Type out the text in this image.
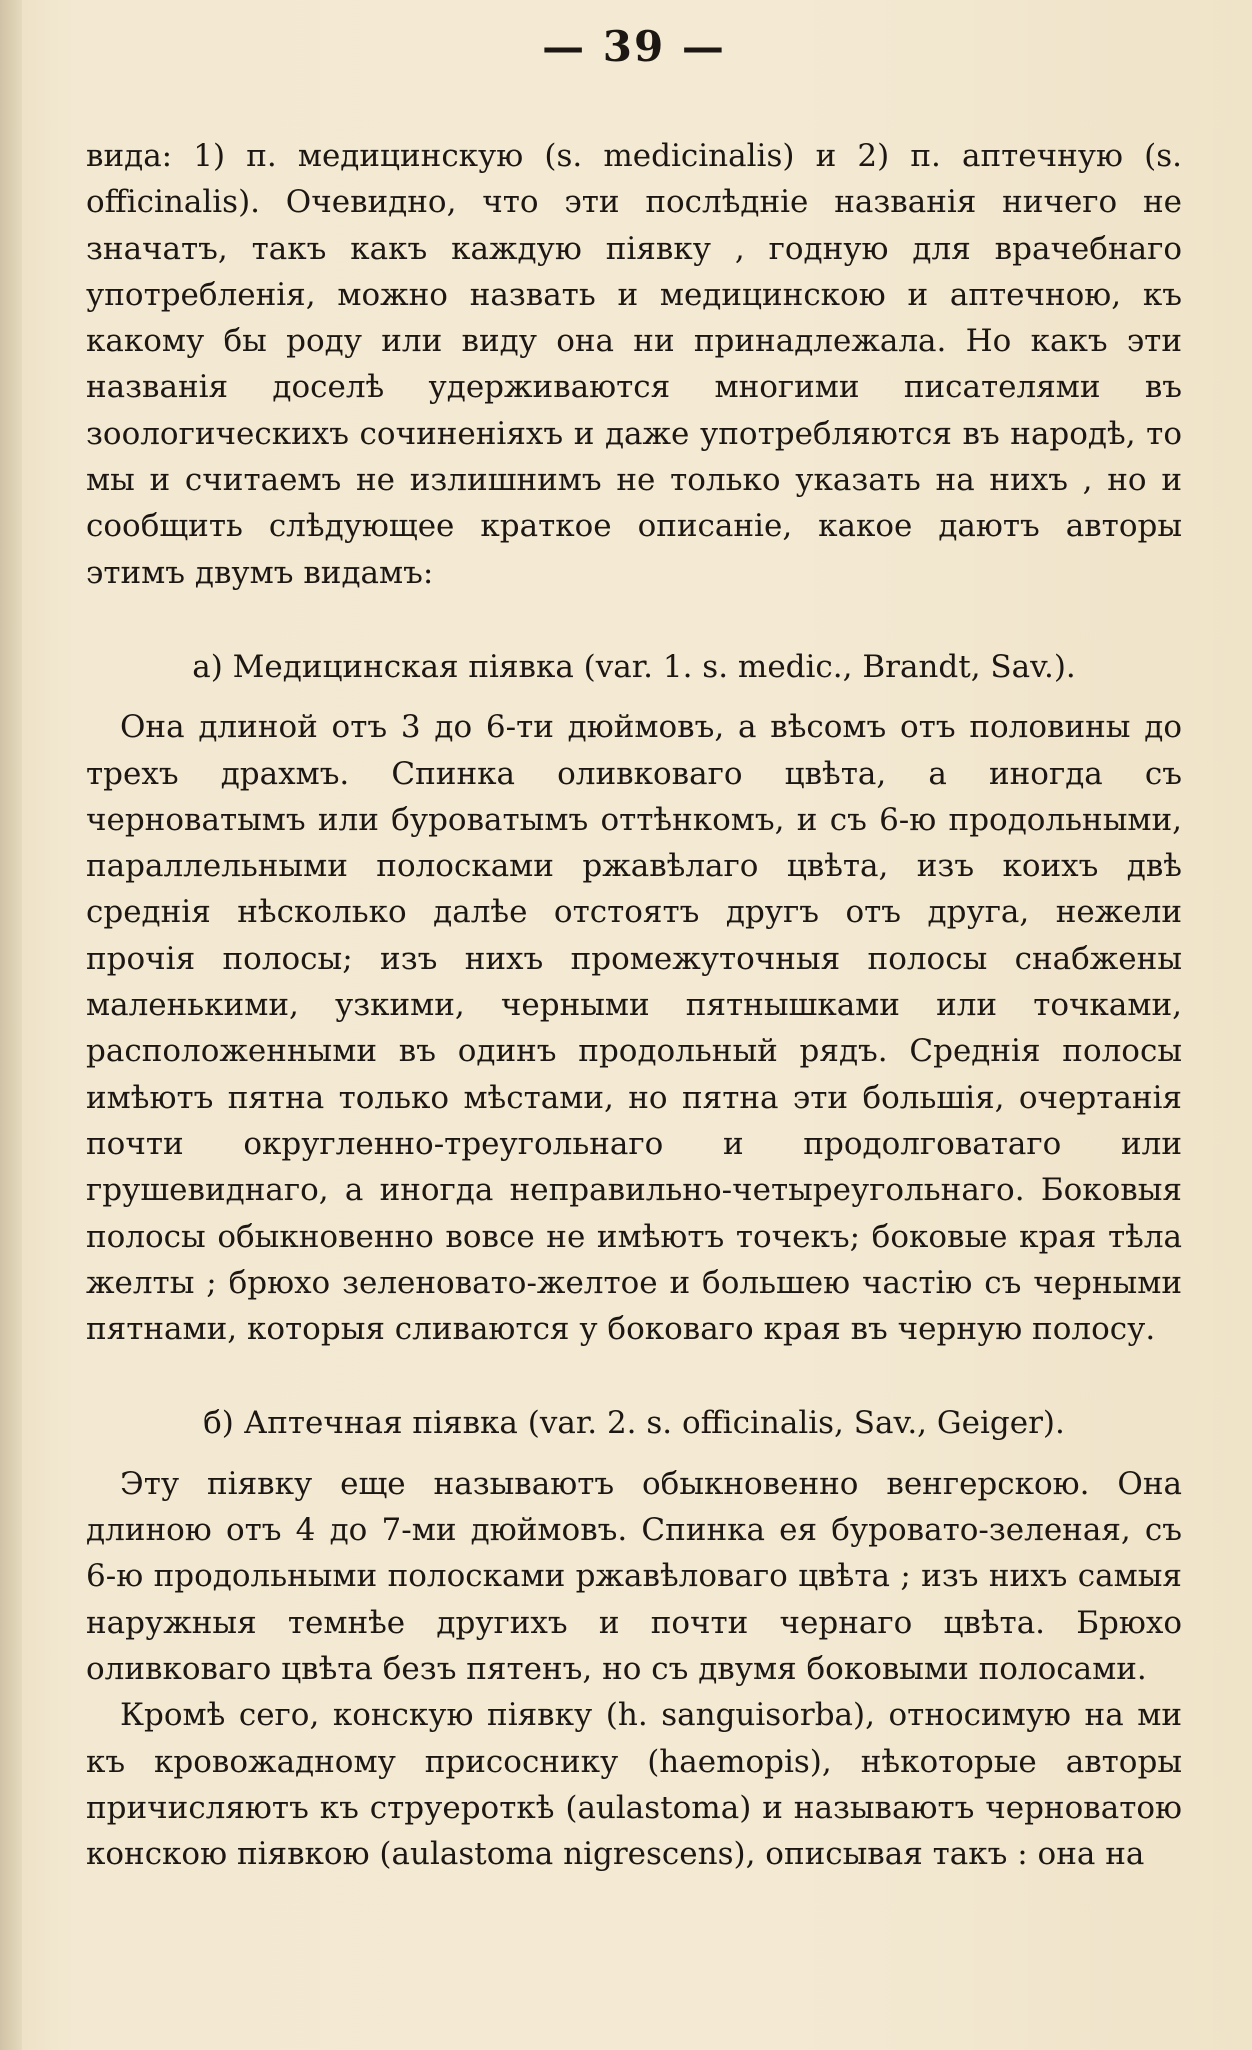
— 39 —

вида: 1) п. медицинскую (s. medicinalis) и 2) п. аптечную (s. officinalis). Очевидно, что эти послѣдніе названія ничего не значатъ, такъ какъ каждую піявку , годную для врачебнаго употребленія, можно назвать и медицинскою и аптечною, къ какому бы роду или виду она ни принадлежала. Но какъ эти названія доселѣ удерживаются многими писателями въ зоологическихъ сочиненіяхъ и даже употребляются въ народѣ, то мы и считаемъ не излишнимъ не только указать на нихъ , но и сообщить слѣдующее краткое описаніе, какое даютъ авторы этимъ двумъ видамъ:

а) Медицинская піявка (var. 1. s. medic., Brandt, Sav.).

Она длиной отъ 3 до 6-ти дюймовъ, а вѣсомъ отъ половины до трехъ драхмъ. Спинка оливковаго цвѣта, а иногда съ черноватымъ или буроватымъ оттѣнкомъ, и съ 6-ю продольными, параллельными полосками ржавѣлаго цвѣта, изъ коихъ двѣ среднія нѣсколько далѣе отстоятъ другъ отъ друга, нежели прочія полосы; изъ нихъ промежуточныя полосы снабжены маленькими, узкими, черными пятнышками или точками, расположенными въ одинъ продольный рядъ. Среднія полосы имѣютъ пятна только мѣстами, но пятна эти большія, очертанія почти округленно-треугольнаго и продолговатаго или грушевиднаго, а иногда неправильно-четыреугольнаго. Боковыя полосы обыкновенно вовсе не имѣютъ точекъ; боковые края тѣла желты ; брюхо зеленовато-желтое и большею частію съ черными пятнами, которыя сливаются у боковаго края въ черную полосу.

б) Аптечная піявка (var. 2. s. officinalis, Sav., Geiger).

Эту піявку еще называютъ обыкновенно венгерскою. Она длиною отъ 4 до 7-ми дюймовъ. Спинка ея буровато-зеленая, съ 6-ю продольными полосками ржавѣловаго цвѣта ; изъ нихъ самыя наружныя темнѣе другихъ и почти чернаго цвѣта. Брюхо оливковаго цвѣта безъ пятенъ, но съ двумя боковыми полосами.

Кромѣ сего, конскую піявку (h. sanguisorba), относимую на ми къ кровожадному присоснику (haemopis), нѣкоторые авторы причисляютъ къ струероткѣ (aulastoma) и называютъ черноватою конскою піявкою (aulastoma nigrescens), описывая такъ : она на
